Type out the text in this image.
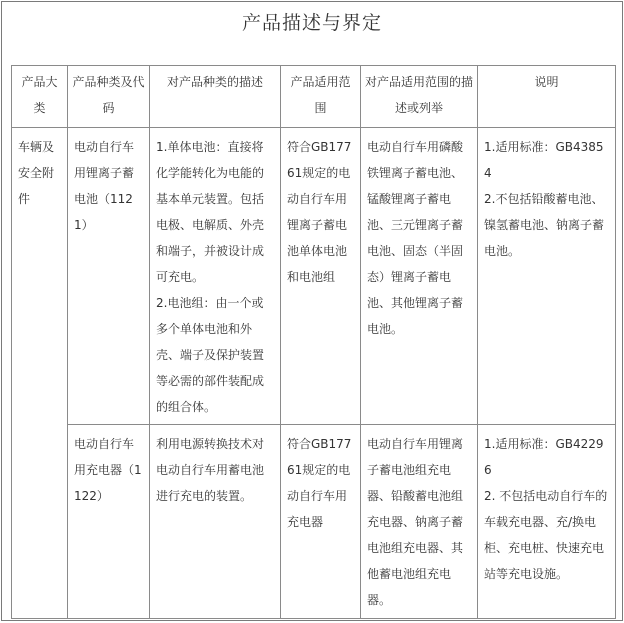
产品描述与界定
产品大类	产品种类及代码	对产品种类的描述	产品适用范围	对产品适用范围的描述或列举	说明
车辆及安全附件	电动自行车用锂离子蓄电池（1121）	1.单体电池：直接将化学能转化为电能的基本单元装置。包括电极、电解质、外壳和端子，并被设计成可充电。
2.电池组：由一个或多个单体电池和外壳、端子及保护装置等必需的部件装配成的组合体。	符合GB17761规定的电动自行车用锂离子蓄电池单体电池和电池组	电动自行车用磷酸铁锂离子蓄电池、锰酸锂离子蓄电池、三元锂离子蓄电池、固态（半固态）锂离子蓄电池、其他锂离子蓄电池。	1.适用标准：GB43854
2.不包括铅酸蓄电池、镍氢蓄电池、钠离子蓄电池。

	电动自行车用充电器（1122）	利用电源转换技术对电动自行车用蓄电池进行充电的装置。	符合GB17761规定的电动自行车用充电器	电动自行车用锂离子蓄电池组充电器、铅酸蓄电池组充电器、钠离子蓄电池组充电器、其他蓄电池组充电器。	1.适用标准：GB42296
2. 不包括电动自行车的车载充电器、充/换电柜、充电桩、快速充电站等充电设施。
